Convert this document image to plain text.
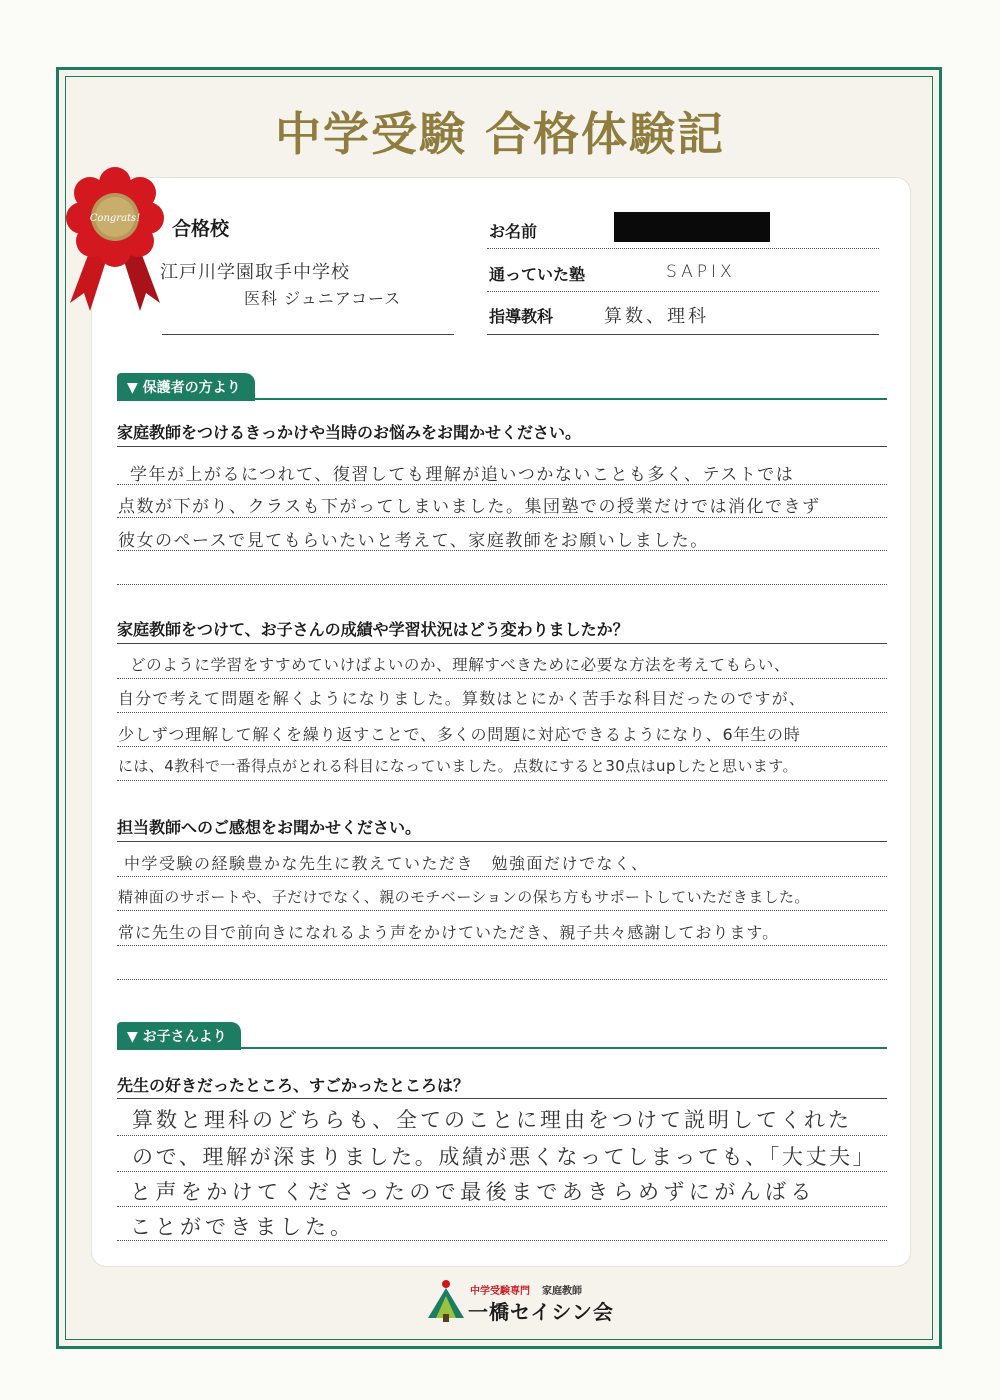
中学受験 合格体験記
Congrats! 合格校
江戸川学園取手中学校
医科 ジュニアコース
お名前
通っていた塾	SAPIX
指導教科	算数、理科
▼ 保護者の方より
家庭教師をつけるきっかけや当時のお悩みをお聞かせください。
学年が上がるにつれて、復習しても理解が追いつかないことも多く、テストでは
点数が下がり、クラスも下がってしまいました。集団塾での授業だけでは消化できず
彼女のペースで見てもらいたいと考えて、家庭教師をお願いしました。
家庭教師をつけて、お子さんの成績や学習状況はどう変わりましたか？
どのように学習をすすめていけばよいのか、理解すべきために必要な方法を考えてもらい、
自分で考えて問題を解くようになりました。算数はとにかく苦手な科目だったのですが、
少しずつ理解して解くを繰り返すことで、多くの問題に対応できるようになり、6年生の時
には、4教科で一番得点がとれる科目になっていました。点数にすると30点はupしたと思います。
担当教師へのご感想をお聞かせください。
中学受験の経験豊かな先生に教えていただき　勉強面だけでなく、
精神面のサポートや、子だけでなく、親のモチベーションの保ち方もサポートしていただきました。
常に先生の目で前向きになれるよう声をかけていただき、親子共々感謝しております。
▼ お子さんより
先生の好きだったところ、すごかったところは？
算数と理科のどちらも、全てのことに理由をつけて説明してくれた
ので、理解が深まりました。成績が悪くなってしまっても、「大丈夫」
と声をかけてくださったので最後まであきらめずにがんばる
ことができました。
中学受験専門 家庭教師
一橋セイシン会
